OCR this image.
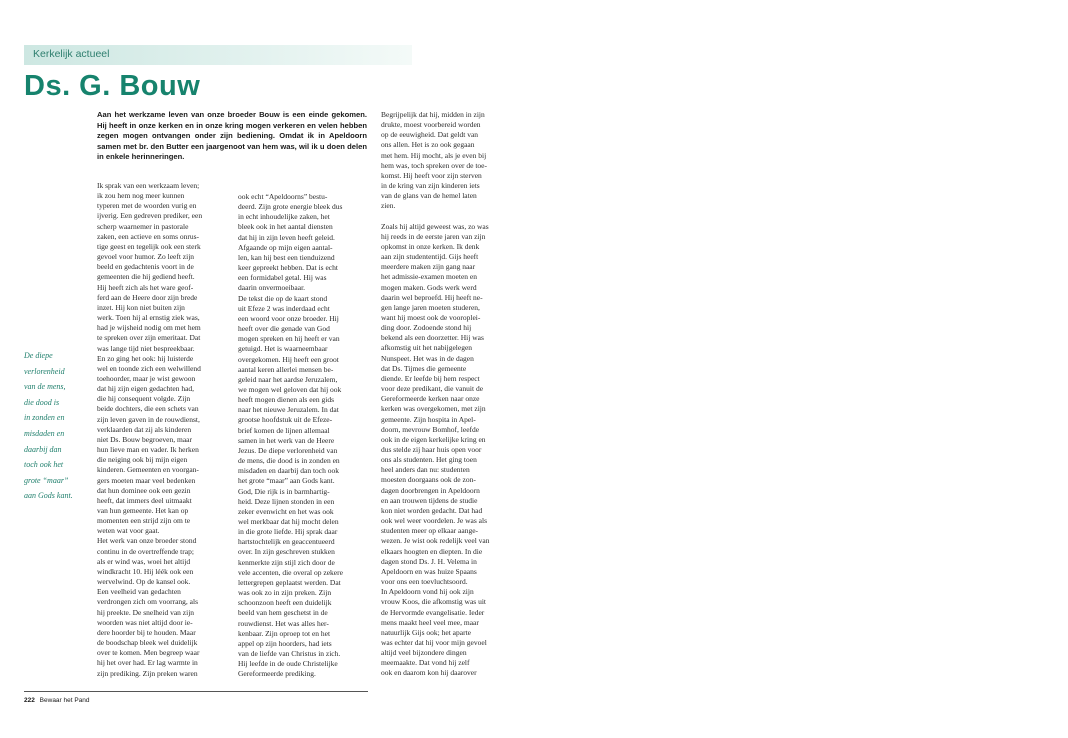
Kerkelijk actueel
Ds. G. Bouw
Aan het werkzame leven van onze broeder Bouw is een einde gekomen. Hij heeft in onze kerken en in onze kring mogen verkeren en velen hebben zegen mogen ontvangen onder zijn bediening. Omdat ik in Apeldoorn samen met br. den Butter een jaargenoot van hem was, wil ik u doen delen in enkele herinneringen.
De diepe
verlorenheid
van de mens,
die dood is
in zonden en
misdaden en
daarbij dan
toch ook het
grote “maar”
aan Gods kant.

Ik sprak van een werkzaam leven;
ik zou hem nog meer kunnen
typeren met de woorden vurig en
ijverig. Een gedreven prediker, een
scherp waarnemer in pastorale
zaken, een actieve en soms onrus-
tige geest en tegelijk ook een sterk
gevoel voor humor. Zo leeft zijn
beeld en gedachtenis voort in de
gemeenten die hij gediend heeft.
Hij heeft zich als het ware geof-
ferd aan de Heere door zijn brede
inzet. Hij kon niet buiten zijn
werk. Toen hij al ernstig ziek was,
had je wijsheid nodig om met hem
te spreken over zijn emeritaat. Dat
was lange tijd niet bespreekbaar.
En zo ging het ook: hij luisterde
wel en toonde zich een welwillend
toehoorder, maar je wist gewoon
dat hij zijn eigen gedachten had,
die hij consequent volgde. Zijn
beide dochters, die een schets van
zijn leven gaven in de rouwdienst,
verklaarden dat zij als kinderen
niet Ds. Bouw begroeven, maar
hun lieve man en vader. Ik herken
die neiging ook bij mijn eigen
kinderen. Gemeenten en voorgan-
gers moeten maar veel bedenken
dat hun dominee ook een gezin
heeft, dat immers deel uitmaakt
van hun gemeente. Het kan op
momenten een strijd zijn om te
weten wat voor gaat.
Het werk van onze broeder stond
continu in de overtreffende trap;
als er wind was, woei het altijd
windkracht 10. Hij léék ook een
wervelwind. Op de kansel ook.
Een veelheid van gedachten
verdrongen zich om voorrang, als
hij preekte. De snelheid van zijn
woorden was niet altijd door ie-
dere hoorder bij te houden. Maar
de boodschap bleek wel duidelijk
over te komen. Men begreep waar
hij het over had. Er lag warmte in
zijn prediking. Zijn preken waren

ook echt “Apeldoorns” bestu-
deerd. Zijn grote energie bleek dus
in echt inhoudelijke zaken, het
bleek ook in het aantal diensten
dat hij in zijn leven heeft geleid.
Afgaande op mijn eigen aantal-
len, kan hij best een tienduizend
keer gepreekt hebben. Dat is echt
een formidabel getal. Hij was
daarin onvermoeibaar.
De tekst die op de kaart stond
uit Efeze 2 was inderdaad echt
een woord voor onze broeder. Hij
heeft over die genade van God
mogen spreken en hij heeft er van
getuigd. Het is waarneembaar
overgekomen. Hij heeft een groot
aantal keren allerlei mensen be-
geleid naar het aardse Jeruzalem,
we mogen wel geloven dat hij ook
heeft mogen dienen als een gids
naar het nieuwe Jeruzalem. In dat
grootse hoofdstuk uit de Efeze-
brief komen de lijnen allemaal
samen in het werk van de Heere
Jezus. De diepe verlorenheid van
de mens, die dood is in zonden en
misdaden en daarbij dan toch ook
het grote “maar” aan Gods kant.
God, Die rijk is in barmhartig-
heid. Deze lijnen stonden in een
zeker evenwicht en het was ook
wel merkbaar dat hij mocht delen
in die grote liefde. Hij sprak daar
hartstochtelijk en geaccentueerd
over. In zijn geschreven stukken
kenmerkte zijn stijl zich door de
vele accenten, die overal op zekere
lettergrepen geplaatst werden. Dat
was ook zo in zijn preken. Zijn
schoonzoon heeft een duidelijk
beeld van hem geschetst in de
rouwdienst. Het was alles her-
kenbaar. Zijn oproep tot en het
appel op zijn hoorders, had iets
van de liefde van Christus in zich.
Hij leefde in de oude Christelijke
Gereformeerde prediking.

Begrijpelijk dat hij, midden in zijn
drukte, moest voorbereid worden
op de eeuwigheid. Dat geldt van
ons allen. Het is zo ook gegaan
met hem. Hij mocht, als je even bij
hem was, toch spreken over de toe-
komst. Hij heeft voor zijn sterven
in de kring van zijn kinderen iets
van de glans van de hemel laten
zien.

Zoals hij altijd geweest was, zo was
hij reeds in de eerste jaren van zijn
opkomst in onze kerken. Ik denk
aan zijn studententijd. Gijs heeft
meerdere maken zijn gang naar
het admissie-examen moeten en
mogen maken. Gods werk werd
daarin wel beproefd. Hij heeft ne-
gen lange jaren moeten studeren,
want hij moest ook de vooroplei-
ding door. Zodoende stond hij
bekend als een doorzetter. Hij was
afkomstig uit het nabijgelegen
Nunspeet. Het was in de dagen
dat Ds. Tijmes die gemeente
diende. Er leefde bij hem respect
voor deze predikant, die vanuit de
Gereformeerde kerken naar onze
kerken was overgekomen, met zijn
gemeente. Zijn hospita in Apel-
doorn, mevrouw Bomhof, leefde
ook in de eigen kerkelijke kring en
dus stelde zij haar huis open voor
ons als studenten. Het ging toen
heel anders dan nu: studenten
moesten doorgaans ook de zon-
dagen doorbrengen in Apeldoorn
en aan trouwen tijdens de studie
kon niet worden gedacht. Dat had
ook wel weer voordelen. Je was als
studenten meer op elkaar aange-
wezen. Je wist ook redelijk veel van
elkaars hoogten en diepten. In die
dagen stond Ds. J. H. Velema in
Apeldoorn en was huize Spaans
voor ons een toevluchtsoord.
In Apeldoorn vond hij ook zijn
vrouw Koos, die afkomstig was uit
de Hervormde evangelisatie. Ieder
mens maakt heel veel mee, maar
natuurlijk Gijs ook; het aparte
was echter dat hij voor mijn gevoel
altijd veel bijzondere dingen
meemaakte. Dat vond hij zelf
ook en daarom kon hij daarover

222 Bewaar het Pand
